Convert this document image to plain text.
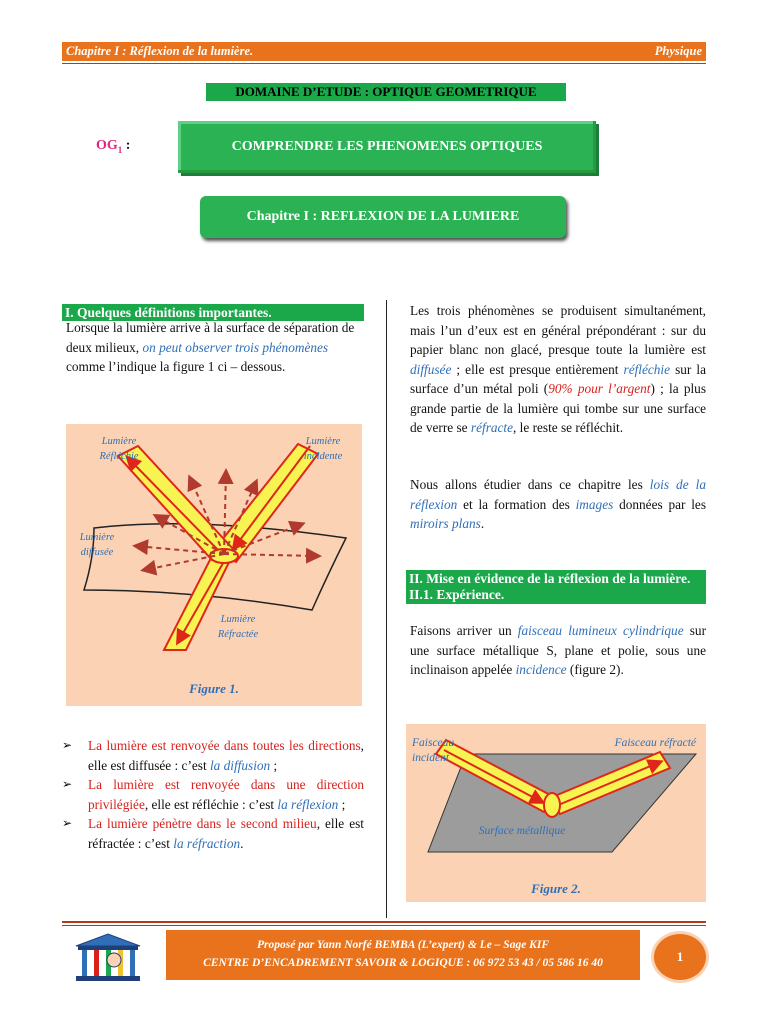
Chapitre I : Réflexion de la lumière.	Physique
DOMAINE D’ETUDE : OPTIQUE GEOMETRIQUE
$OG_1$ :	COMPRENDRE LES PHENOMENES OPTIQUES
Chapitre I : REFLEXION DE LA LUMIERE
I. Quelques définitions importantes.
Lorsque la lumière arrive à la surface de séparation de deux milieux, on peut observer trois phénomènes comme l’indique la figure 1 ci – dessous.
Lumière Réfléchie
Lumière incidente
Lumière diffusée
Lumière Réfractée
Figure 1.
➢ La lumière est renvoyée dans toutes les directions, elle est diffusée : c’est la diffusion ;
➢ La lumière est renvoyée dans une direction privilégiée, elle est réfléchie : c’est la réflexion ;
➢ La lumière pénètre dans le second milieu, elle est réfractée : c’est la réfraction.
Les trois phénomènes se produisent simultanément, mais l’un d’eux est en général prépondérant : sur du papier blanc non glacé, presque toute la lumière est diffusée ; elle est presque entièrement réfléchie sur la surface d’un métal poli (90% pour l’argent) ; la plus grande partie de la lumière qui tombe sur une surface de verre se réfracte, le reste se réfléchit.
Nous allons étudier dans ce chapitre les lois de la réflexion et la formation des images données par les miroirs plans.
II. Mise en évidence de la réflexion de la lumière.
II.1. Expérience.
Faisons arriver un faisceau lumineux cylindrique sur une surface métallique S, plane et polie, sous une inclinaison appelée incidence (figure 2).
Faisceau incident
Faisceau réfracté
Surface métallique
Figure 2.
Proposé par Yann Norfé BEMBA (L’expert) & Le – Sage KIF
CENTRE D’ENCADREMENT SAVOIR & LOGIQUE : 06 972 53 43 / 05 586 16 40	1
